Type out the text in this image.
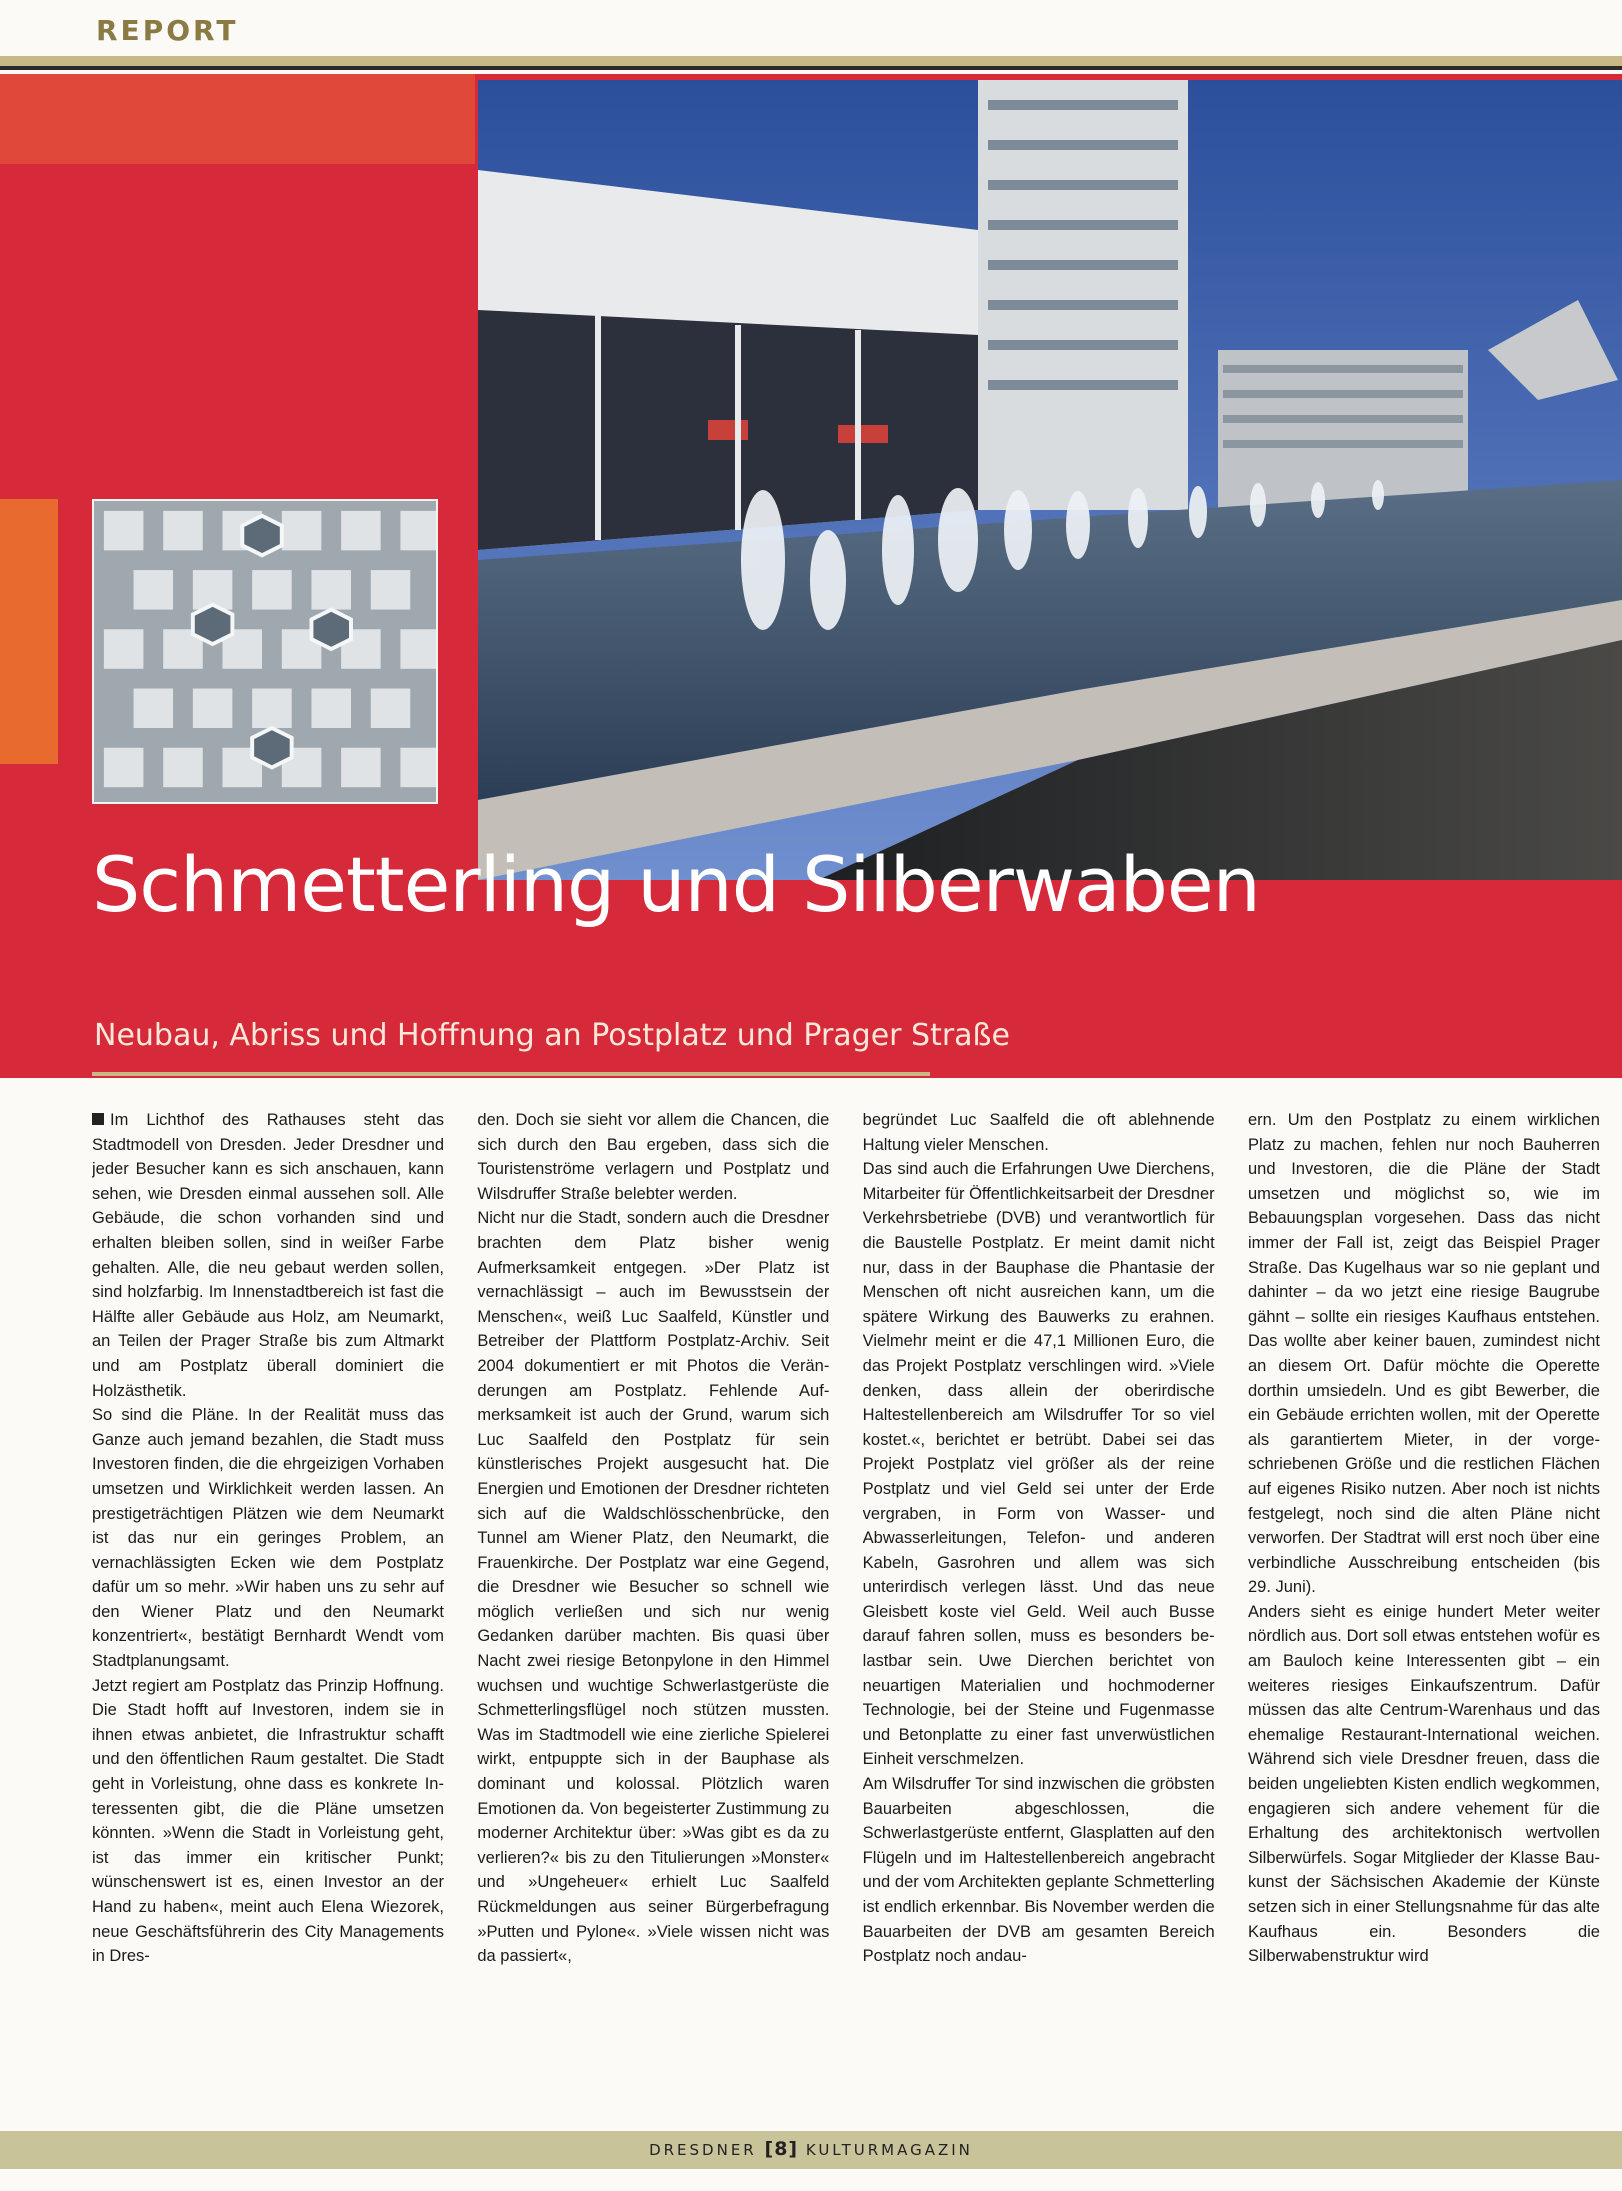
REPORT
Schmetterling und Silberwaben
Neubau, Abriss und Hoffnung an Postplatz und Prager Straße

Im Lichthof des Rathauses steht das Stadtmodell von Dresden. Jeder Dresdner und jeder Besucher kann es sich anschauen, kann sehen, wie Dresden einmal aussehen soll. Alle Gebäude, die schon vorhanden sind und erhalten bleiben sollen, sind in weißer Farbe gehalten. Alle, die neu gebaut werden sollen, sind holzfarbig. Im Innenstadtbereich ist fast die Hälfte aller Gebäude aus Holz, am Neumarkt, an Teilen der Prager Straße bis zum Altmarkt und am Postplatz überall dominiert die Holzästhetik.

So sind die Pläne. In der Realität muss das Ganze auch jemand bezahlen, die Stadt muss Investoren finden, die die ehrgeizigen Vorhaben umsetzen und Wirklichkeit werden lassen. An prestigeträchtigen Plätzen wie dem Neumarkt ist das nur ein geringes Problem, an vernachlässigten Ecken wie dem Postplatz dafür um so mehr. »Wir haben uns zu sehr auf den Wiener Platz und den Neumarkt konzentriert«, bestätigt Bernhardt Wendt vom Stadtplanungsamt.

Jetzt regiert am Postplatz das Prinzip Hoffnung. Die Stadt hofft auf Investoren, indem sie in ihnen etwas anbietet, die Infrastruktur schafft und den öffentlichen Raum gestaltet. Die Stadt geht in Vorleistung, ohne dass es konkrete Interessenten gibt, die die Pläne umsetzen könnten. »Wenn die Stadt in Vorleistung geht, ist das immer ein kritischer Punkt; wünschenswert ist es, einen Investor an der Hand zu haben«, meint auch Elena Wiezorek, neue Geschäftsführerin des City Managements in Dres-

den. Doch sie sieht vor allem die Chancen, die sich durch den Bau ergeben, dass sich die Touristenströme verlagern und Postplatz und Wilsdruffer Straße belebter werden.

Nicht nur die Stadt, sondern auch die Dresdner brachten dem Platz bisher wenig Aufmerksamkeit entgegen. »Der Platz ist vernachlässigt – auch im Bewusstsein der Menschen«, weiß Luc Saalfeld, Künstler und Betreiber der Plattform Postplatz-Archiv. Seit 2004 dokumentiert er mit Photos die Veränderungen am Postplatz. Fehlende Aufmerksamkeit ist auch der Grund, warum sich Luc Saalfeld den Postplatz für sein künstlerisches Projekt ausgesucht hat. Die Energien und Emotionen der Dresdner richteten sich auf die Waldschlösschenbrücke, den Tunnel am Wiener Platz, den Neumarkt, die Frauenkirche. Der Postplatz war eine Gegend, die Dresdner wie Besucher so schnell wie möglich verließen und sich nur wenig Gedanken darüber machten. Bis quasi über Nacht zwei riesige Betonpylone in den Himmel wuchsen und wuchtige Schwerlastgerüste die Schmetterlingsflügel noch stützen mussten. Was im Stadtmodell wie eine zierliche Spielerei wirkt, entpuppte sich in der Bauphase als dominant und kolossal. Plötzlich waren Emotionen da. Von begeisterter Zustimmung zu moderner Architektur über: »Was gibt es da zu verlieren?« bis zu den Titulierungen »Monster« und »Ungeheuer« erhielt Luc Saalfeld Rückmeldungen aus seiner Bürgerbefragung »Putten und Pylone«. »Viele wissen nicht was da passiert«,

begründet Luc Saalfeld die oft ablehnende Haltung vieler Menschen.

Das sind auch die Erfahrungen Uwe Dierchens, Mitarbeiter für Öffentlichkeitsarbeit der Dresdner Verkehrsbetriebe (DVB) und verantwortlich für die Baustelle Postplatz. Er meint damit nicht nur, dass in der Bauphase die Phantasie der Menschen oft nicht ausreichen kann, um die spätere Wirkung des Bauwerks zu erahnen. Vielmehr meint er die 47,1 Millionen Euro, die das Projekt Postplatz verschlingen wird. »Viele denken, dass allein der oberirdische Haltestellenbereich am Wilsdruffer Tor so viel kostet.«, berichtet er betrübt. Dabei sei das Projekt Postplatz viel größer als der reine Postplatz und viel Geld sei unter der Erde vergraben, in Form von Wasser- und Abwasserleitungen, Telefon- und anderen Kabeln, Gasrohren und allem was sich unterirdisch verlegen lässt. Und das neue Gleisbett koste viel Geld. Weil auch Busse darauf fahren sollen, muss es besonders belastbar sein. Uwe Dierchen berichtet von neuartigen Materialien und hochmoderner Technologie, bei der Steine und Fugenmasse und Betonplatte zu einer fast unverwüstlichen Einheit verschmelzen.

Am Wilsdruffer Tor sind inzwischen die gröbsten Bauarbeiten abgeschlossen, die Schwerlastgerüste entfernt, Glasplatten auf den Flügeln und im Haltestellenbereich angebracht und der vom Architekten geplante Schmetterling ist endlich erkennbar. Bis November werden die Bauarbeiten der DVB am gesamten Bereich Postplatz noch andau-

ern. Um den Postplatz zu einem wirklichen Platz zu machen, fehlen nur noch Bauherren und Investoren, die die Pläne der Stadt umsetzen und möglichst so, wie im Bebauungsplan vorgesehen. Dass das nicht immer der Fall ist, zeigt das Beispiel Prager Straße. Das Kugelhaus war so nie geplant und dahinter – da wo jetzt eine riesige Baugrube gähnt – sollte ein riesiges Kaufhaus entstehen. Das wollte aber keiner bauen, zumindest nicht an diesem Ort. Dafür möchte die Operette dorthin umsiedeln. Und es gibt Bewerber, die ein Gebäude errichten wollen, mit der Operette als garantiertem Mieter, in der vorgeschriebenen Größe und die restlichen Flächen auf eigenes Risiko nutzen. Aber noch ist nichts festgelegt, noch sind die alten Pläne nicht verworfen. Der Stadtrat will erst noch über eine verbindliche Ausschreibung entscheiden (bis 29. Juni).

Anders sieht es einige hundert Meter weiter nördlich aus. Dort soll etwas entstehen wofür es am Bauloch keine Interessenten gibt – ein weiteres riesiges Einkaufszentrum. Dafür müssen das alte Centrum-Warenhaus und das ehemalige Restaurant-International weichen. Während sich viele Dresdner freuen, dass die beiden ungeliebten Kisten endlich wegkommen, engagieren sich andere vehement für die Erhaltung des architektonisch wertvollen Silberwürfels. Sogar Mitglieder der Klasse Baukunst der Sächsischen Akademie der Künste setzen sich in einer Stellungsnahme für das alte Kaufhaus ein. Besonders die Silberwabenstruktur wird

DRESDNER [8] KULTURMAGAZIN
